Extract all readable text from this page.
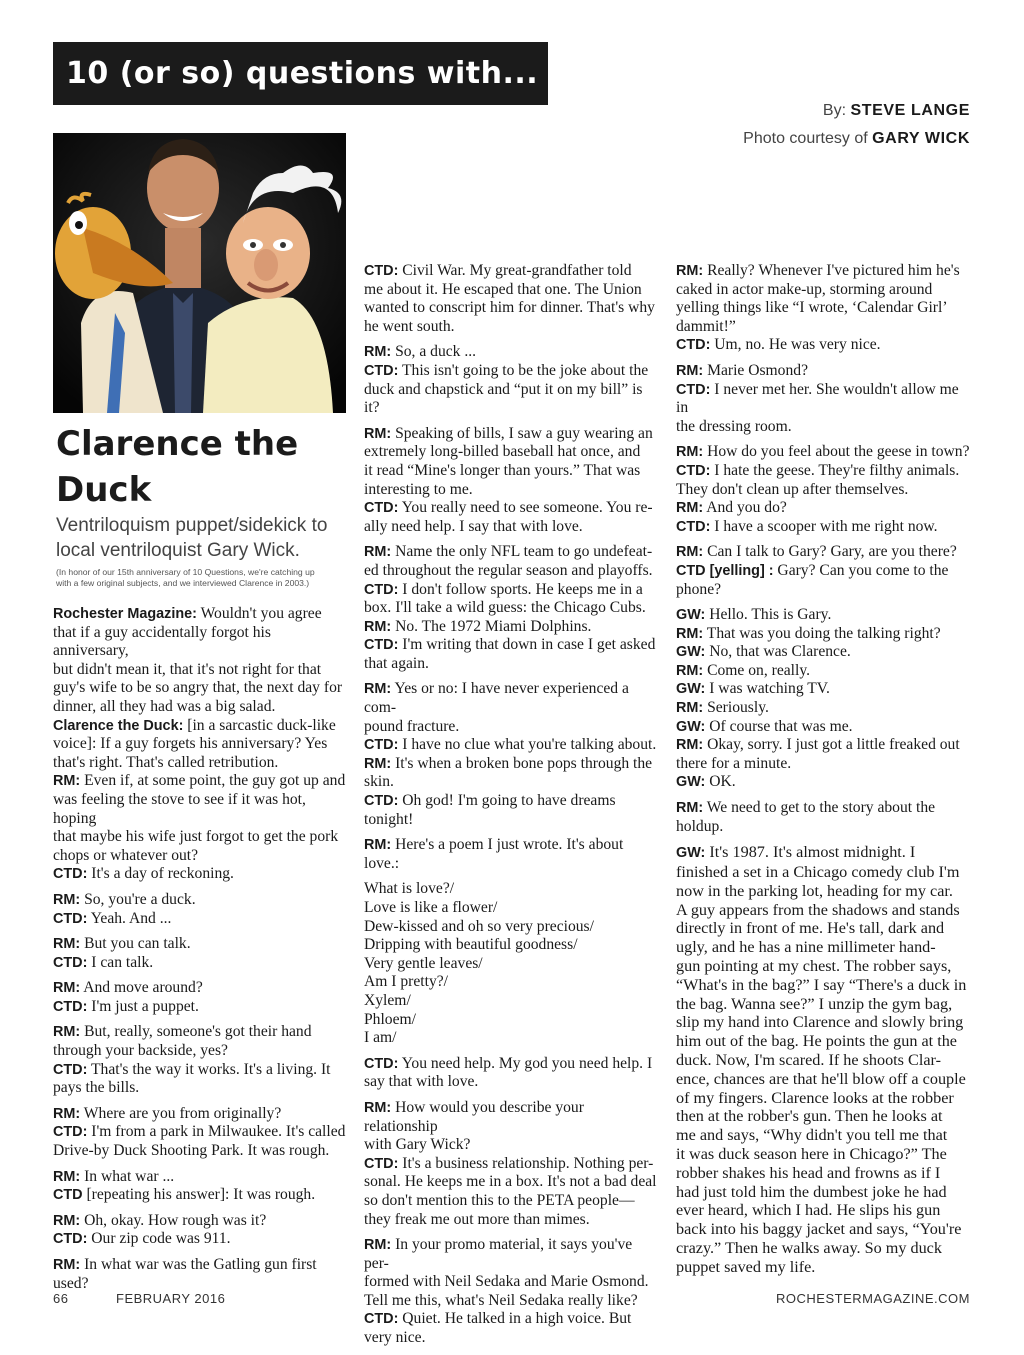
10 (or so) questions with...
By: STEVE LANGE
Photo courtesy of GARY WICK
Clarence the
Duck
Ventriloquism puppet/sidekick to
local ventriloquist Gary Wick.
(In honor of our 15th anniversary of 10 Questions, we're catching up
with a few original subjects, and we interviewed Clarence in 2003.)
Rochester Magazine: Wouldn't you agree
that if a guy accidentally forgot his anniversary,
but didn't mean it, that it's not right for that
guy's wife to be so angry that, the next day for
dinner, all they had was a big salad.
Clarence the Duck: [in a sarcastic duck-like
voice]: If a guy forgets his anniversary? Yes
that's right. That's called retribution.
RM: Even if, at some point, the guy got up and
was feeling the stove to see if it was hot, hoping
that maybe his wife just forgot to get the pork
chops or whatever out?
CTD: It's a day of reckoning.
RM: So, you're a duck.
CTD: Yeah. And ...
RM: But you can talk.
CTD: I can talk.
RM: And move around?
CTD: I'm just a puppet.
RM: But, really, someone's got their hand
through your backside, yes?
CTD: That's the way it works. It's a living. It
pays the bills.
RM: Where are you from originally?
CTD: I'm from a park in Milwaukee. It's called
Drive-by Duck Shooting Park. It was rough.
RM: In what war ...
CTD [repeating his answer]: It was rough.
RM: Oh, okay. How rough was it?
CTD: Our zip code was 911.
RM: In what war was the Gatling gun first
used?
CTD: Civil War. My great-grandfather told
me about it. He escaped that one. The Union
wanted to conscript him for dinner. That's why
he went south.
RM: So, a duck ...
CTD: This isn't going to be the joke about the
duck and chapstick and “put it on my bill” is it?
RM: Speaking of bills, I saw a guy wearing an
extremely long-billed baseball hat once, and
it read “Mine's longer than yours.” That was
interesting to me.
CTD: You really need to see someone. You re-
ally need help. I say that with love.
RM: Name the only NFL team to go undefeat-
ed throughout the regular season and playoffs.
CTD: I don't follow sports. He keeps me in a
box. I'll take a wild guess: the Chicago Cubs.
RM: No. The 1972 Miami Dolphins.
CTD: I'm writing that down in case I get asked
that again.
RM: Yes or no: I have never experienced a com-
pound fracture.
CTD: I have no clue what you're talking about.
RM: It's when a broken bone pops through the
skin.
CTD: Oh god! I'm going to have dreams
tonight!
RM: Here's a poem I just wrote. It's about love.:
What is love?/
Love is like a flower/
Dew-kissed and oh so very precious/
Dripping with beautiful goodness/
Very gentle leaves/
Am I pretty?/
Xylem/
Phloem/
I am/
CTD: You need help. My god you need help. I
say that with love.
RM: How would you describe your relationship
with Gary Wick?
CTD: It's a business relationship. Nothing per-
sonal. He keeps me in a box. It's not a bad deal
so don't mention this to the PETA people—
they freak me out more than mimes.
RM: In your promo material, it says you've per-
formed with Neil Sedaka and Marie Osmond.
Tell me this, what's Neil Sedaka really like?
CTD: Quiet. He talked in a high voice. But
very nice.
RM: Really? Whenever I've pictured him he's
caked in actor make-up, storming around
yelling things like “I wrote, ‘Calendar Girl’
dammit!”
CTD: Um, no. He was very nice.
RM: Marie Osmond?
CTD: I never met her. She wouldn't allow me in
the dressing room.
RM: How do you feel about the geese in town?
CTD: I hate the geese. They're filthy animals.
They don't clean up after themselves.
RM: And you do?
CTD: I have a scooper with me right now.
RM: Can I talk to Gary? Gary, are you there?
CTD [yelling] : Gary? Can you come to the
phone?
GW: Hello. This is Gary.
RM: That was you doing the talking right?
GW: No, that was Clarence.
RM: Come on, really.
GW: I was watching TV.
RM: Seriously.
GW: Of course that was me.
RM: Okay, sorry. I just got a little freaked out
there for a minute.
GW: OK.
RM: We need to get to the story about the
holdup.
GW: It's 1987. It's almost midnight. I
finished a set in a Chicago comedy club I'm
now in the parking lot, heading for my car.
A guy appears from the shadows and stands
directly in front of me. He's tall, dark and
ugly, and he has a nine millimeter hand-
gun pointing at my chest. The robber says,
“What's in the bag?” I say “There's a duck in
the bag. Wanna see?” I unzip the gym bag,
slip my hand into Clarence and slowly bring
him out of the bag. He points the gun at the
duck. Now, I'm scared. If he shoots Clar-
ence, chances are that he'll blow off a couple
of my fingers. Clarence looks at the robber
then at the robber's gun. Then he looks at
me and says, “Why didn't you tell me that
it was duck season here in Chicago?” The
robber shakes his head and frowns as if I
had just told him the dumbest joke he had
ever heard, which I had. He slips his gun
back into his baggy jacket and says, “You're
crazy.” Then he walks away. So my duck
puppet saved my life.
66	FEBRUARY 2016	ROCHESTERMAGAZINE.COM
